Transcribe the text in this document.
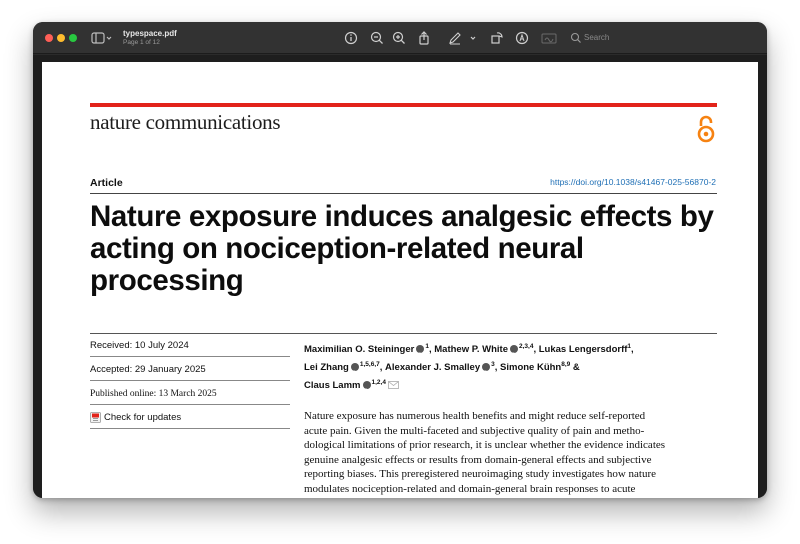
typespace.pdf
Page 1 of 12
Search
nature communications
Article	https://doi.org/10.1038/s41467-025-56870-2
Nature exposure induces analgesic effects by
acting on nociception-related neural
processing
Received: 10 July 2024
Accepted: 29 January 2025
Published online: 13 March 2025
Check for updates
Maximilian O. Steininger iD $^1$, Mathew P. White iD $^{2,3,4}$, Lukas Lengersdorff$^1$,
Lei Zhang iD $^{1,5,6,7}$, Alexander J. Smalley iD $^3$, Simone Kühn$^{8,9}$ &
Claus Lamm iD $^{1,2,4}$
Nature exposure has numerous health benefits and might reduce self-reported
acute pain. Given the multi-faceted and subjective quality of pain and metho-
dological limitations of prior research, it is unclear whether the evidence indicates
genuine analgesic effects or results from domain-general effects and subjective
reporting biases. This preregistered neuroimaging study investigates how nature
modulates nociception-related and domain-general brain responses to acute
